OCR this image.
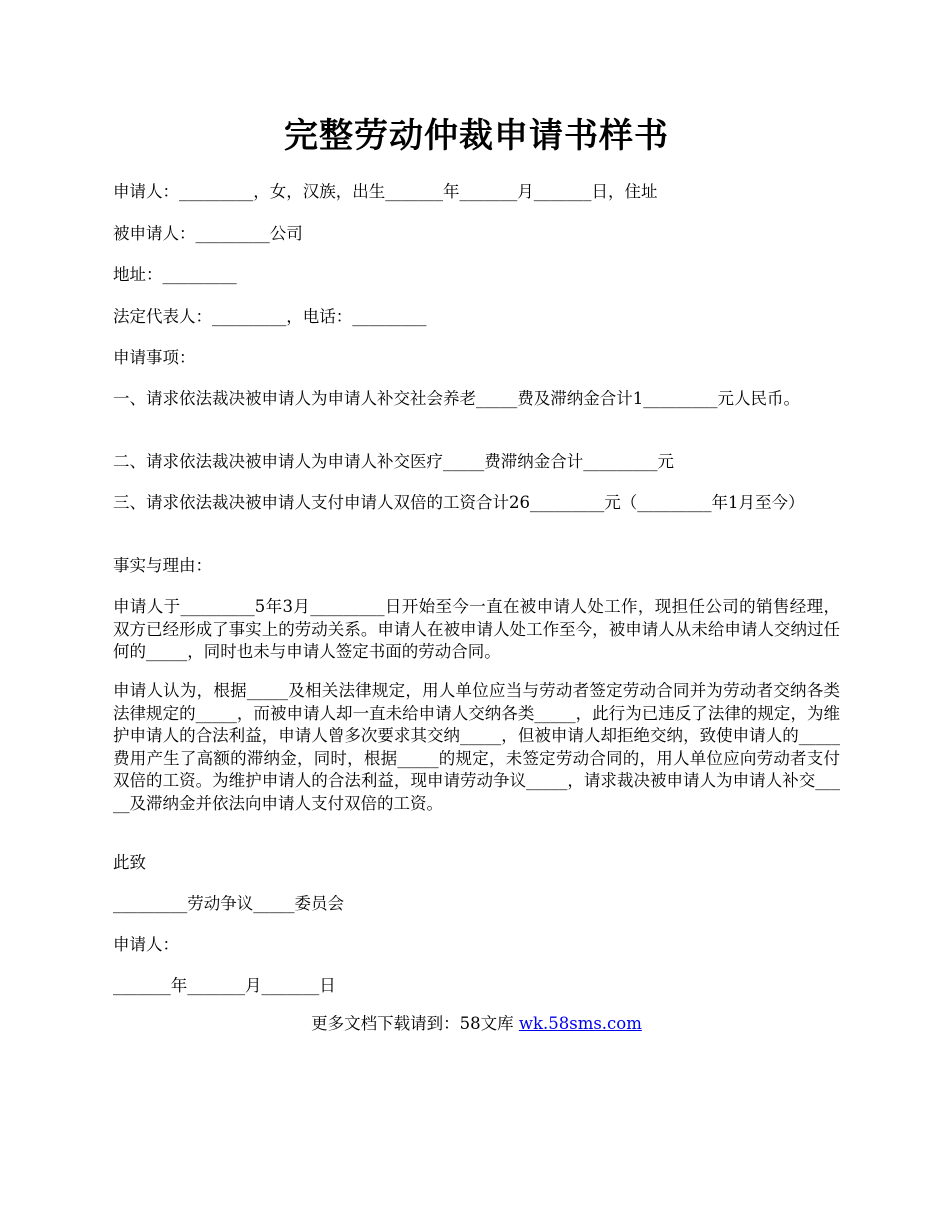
完整劳动仲裁申请书样书
申请人：_________，女，汉族，出生_______年_______月_______日，住址
被申请人：_________公司
地址：_________
法定代表人：_________，电话：_________
申请事项：
一、请求依法裁决被申请人为申请人补交社会养老_____费及滞纳金合计1_________元人民币。
二、请求依法裁决被申请人为申请人补交医疗_____费滞纳金合计_________元
三、请求依法裁决被申请人支付申请人双倍的工资合计26_________元（_________年1月至今）
事实与理由：
申请人于_________5年3月_________日开始至今一直在被申请人处工作，现担任公司的销售经理，双方已经形成了事实上的劳动关系。申请人在被申请人处工作至今，被申请人从未给申请人交纳过任何的_____，同时也未与申请人签定书面的劳动合同。
申请人认为，根据_____及相关法律规定，用人单位应当与劳动者签定劳动合同并为劳动者交纳各类法律规定的_____，而被申请人却一直未给申请人交纳各类_____，此行为已违反了法律的规定，为维护申请人的合法利益，申请人曾多次要求其交纳_____，但被申请人却拒绝交纳，致使申请人的_____费用产生了高额的滞纳金，同时，根据_____的规定，未签定劳动合同的，用人单位应向劳动者支付双倍的工资。为维护申请人的合法利益，现申请劳动争议_____，请求裁决被申请人为申请人补交_____及滞纳金并依法向申请人支付双倍的工资。
此致
_________劳动争议_____委员会
申请人：
_______年_______月_______日
更多文档下载请到：58文库 wk.58sms.com
